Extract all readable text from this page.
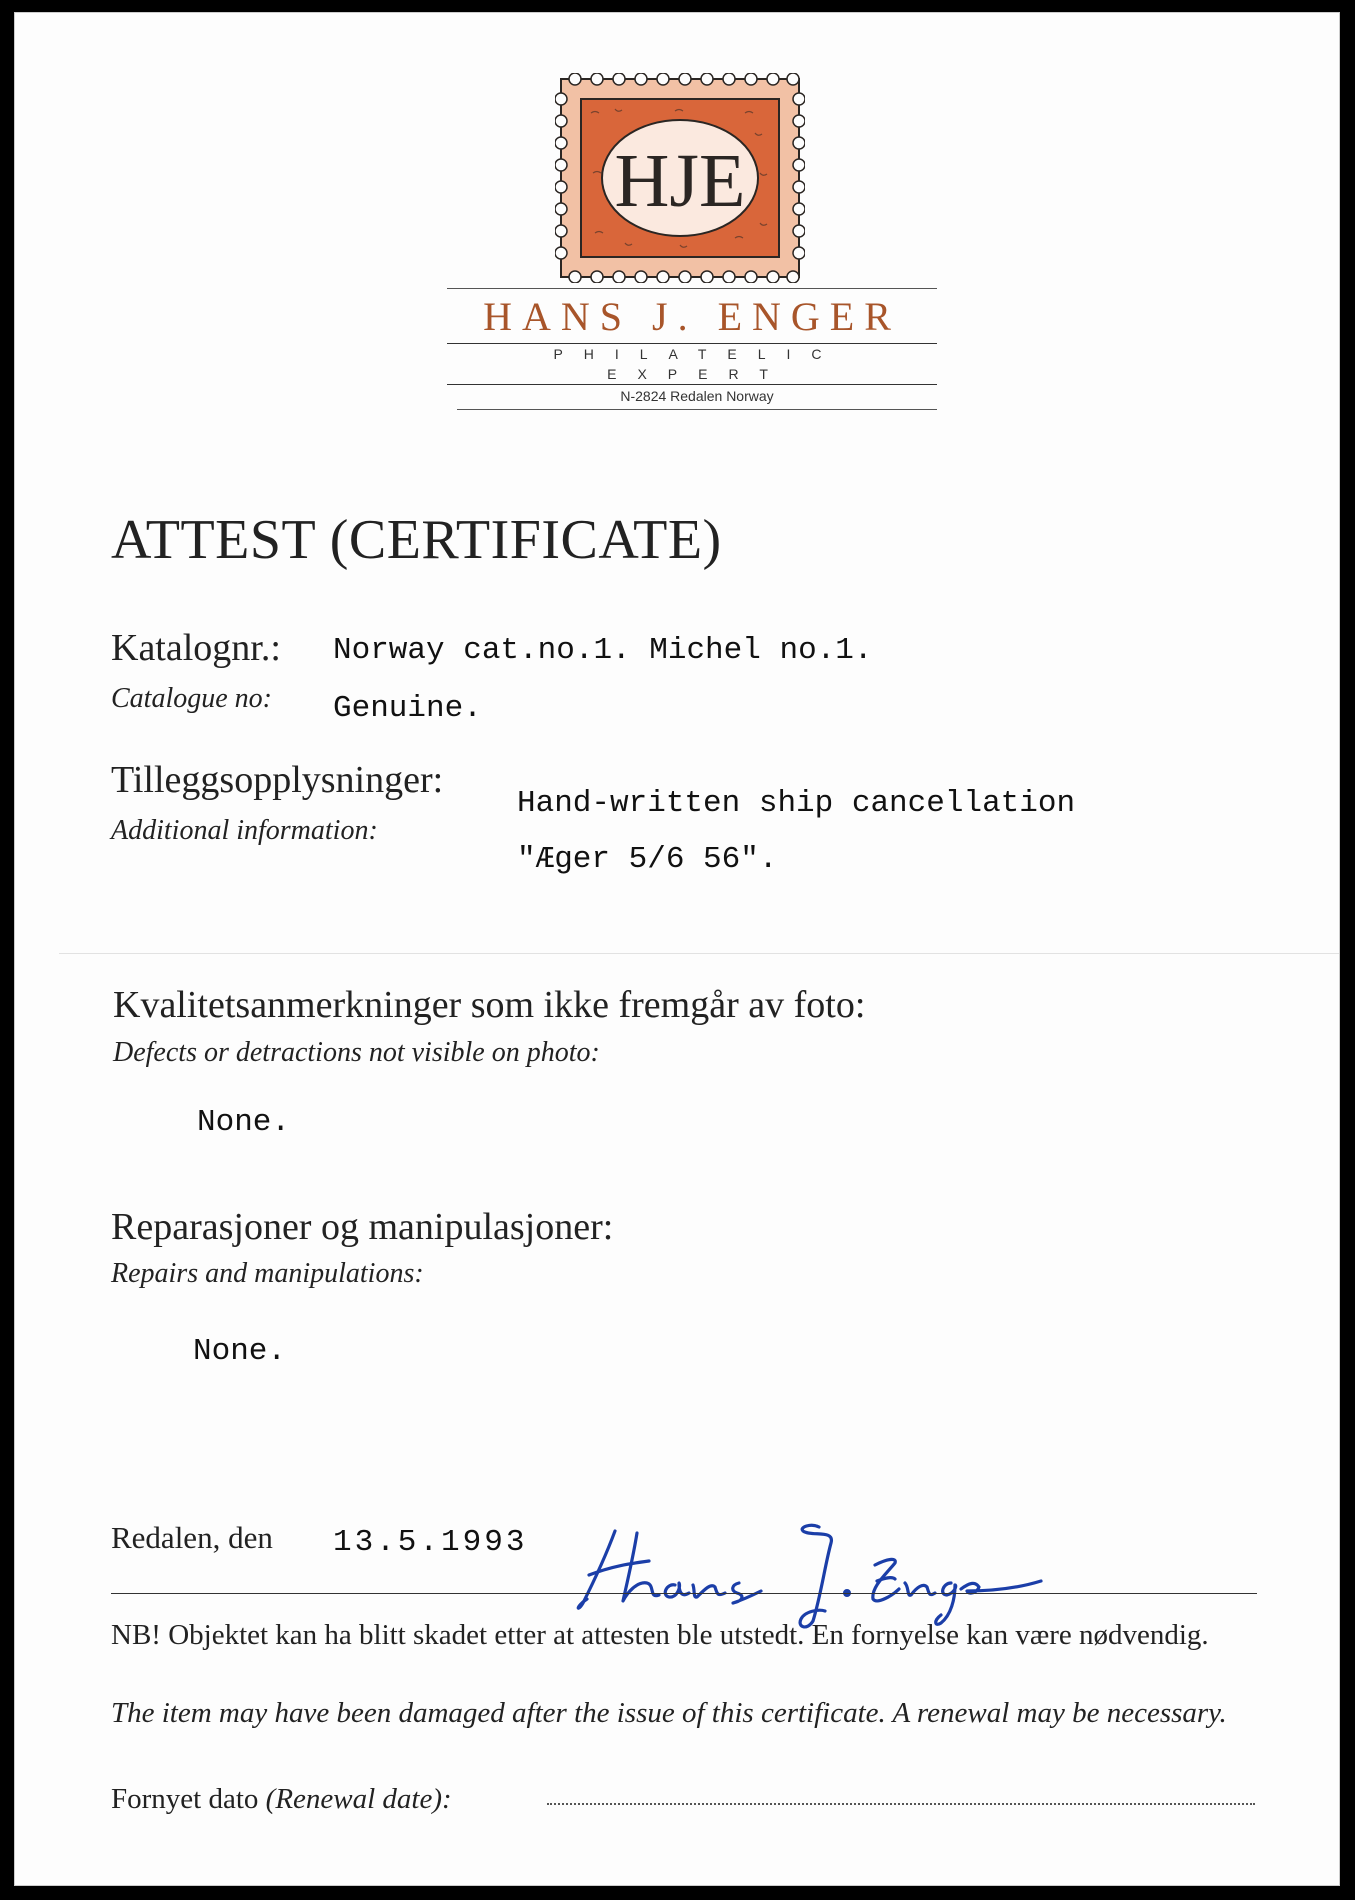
HJE
HANS J. ENGER
PHILATELIC EXPERT
N-2824 Redalen Norway
ATTEST (CERTIFICATE)
Katalognr.:
Catalogue no:
Norway cat.no.1. Michel no.1.
Genuine.
Tilleggsopplysninger:
Additional information:
Hand-written ship cancellation
"Æger 5/6 56".
Kvalitetsanmerkninger som ikke fremgår av foto:
Defects or detractions not visible on photo:
None.
Reparasjoner og manipulasjoner:
Repairs and manipulations:
None.
Redalen, den 13.5.1993
NB! Objektet kan ha blitt skadet etter at attesten ble utstedt. En fornyelse kan være nødvendig.
The item may have been damaged after the issue of this certificate. A renewal may be necessary.
Fornyet dato (Renewal date):
